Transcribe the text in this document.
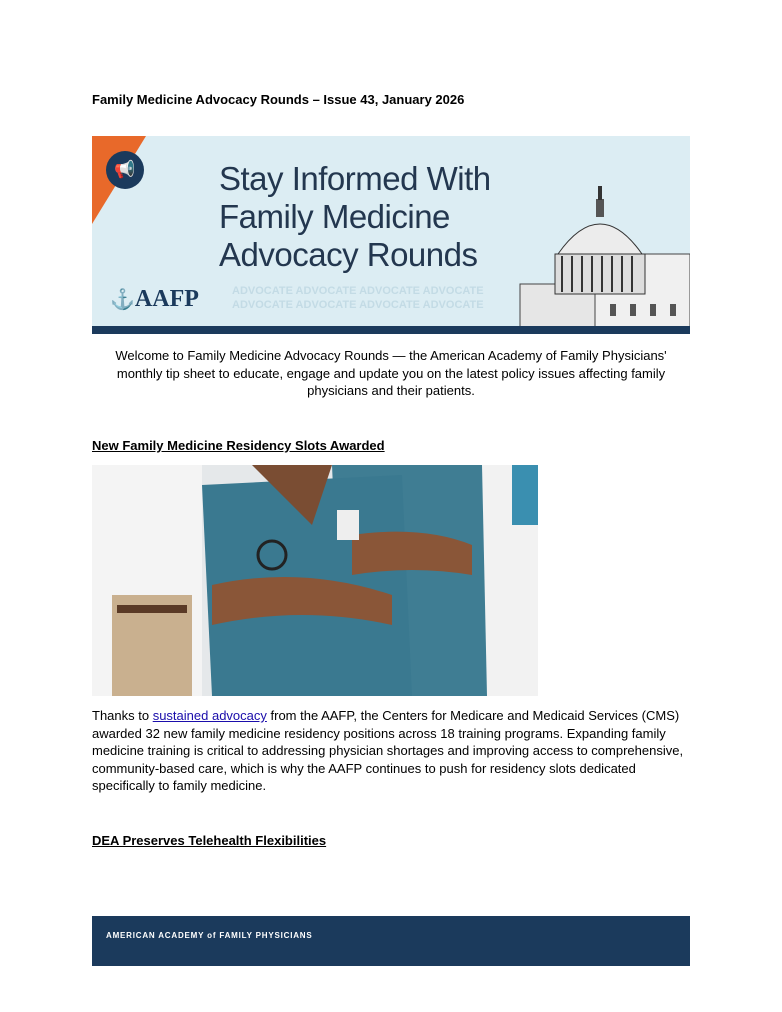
Family Medicine Advocacy Rounds – Issue 43, January 2026
ADVOCATE ADVOCATE ADVOCATE ADVOCATE
ADVOCATE ADVOCATE ADVOCATE ADVOCATE
📢	Stay Informed With
Family Medicine
Advocacy Rounds
⚓AAFP
Welcome to Family Medicine Advocacy Rounds — the American Academy of Family Physicians' monthly tip sheet to educate, engage and update you on the latest policy issues affecting family physicians and their patients.
New Family Medicine Residency Slots Awarded
Thanks to sustained advocacy from the AAFP, the Centers for Medicare and Medicaid Services (CMS) awarded 32 new family medicine residency positions across 18 training programs. Expanding family medicine training is critical to addressing physician shortages and improving access to comprehensive, community-based care, which is why the AAFP continues to push for residency slots dedicated specifically to family medicine.
DEA Preserves Telehealth Flexibilities
AMERICAN ACADEMY of FAMILY PHYSICIANS
